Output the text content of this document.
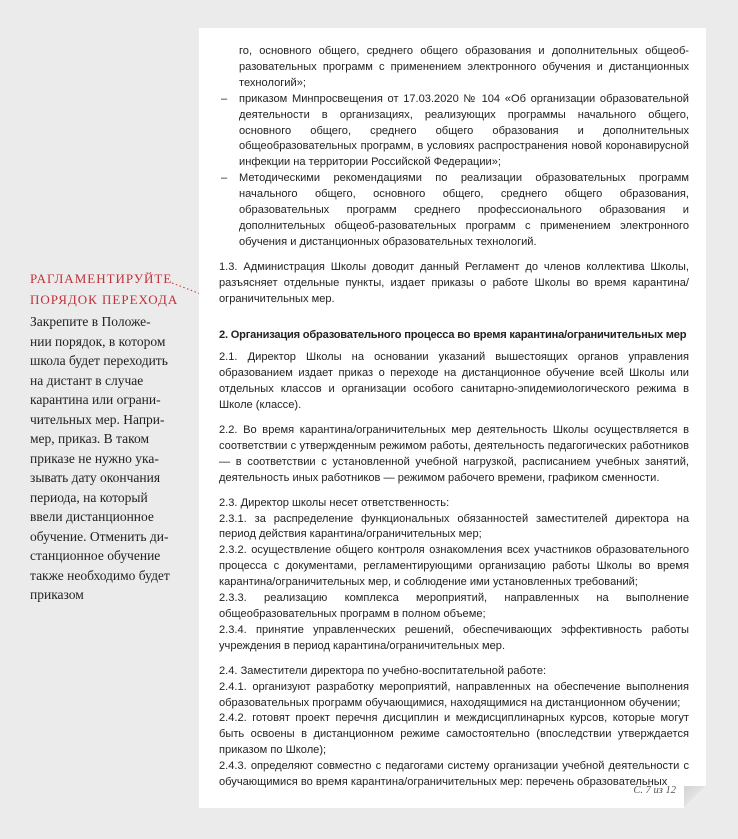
РАГЛАМЕНТИРУЙТЕ
ПОРЯДОК ПЕРЕХОДА
Закрепите в Положе-
нии порядок, в котором
школа будет переходить
на дистант в случае
карантина или ограни-
чительных мер. Напри-
мер, приказ. В таком
приказе не нужно ука-
зывать дату окончания
периода, на который
ввели дистанционное
обучение. Отменить ди-
станционное обучение
также необходимо будет
приказом

го, основного общего, среднего общего образования и дополнительных общеоб-разовательных программ с применением электронного обучения и дистанционных технологий»;

– приказом Минпросвещения от 17.03.2020 № 104 «Об организации образовательной деятельности в организациях, реализующих программы начального общего, основного общего, среднего общего образования и дополнительных общеобразовательных программ, в условиях распространения новой коронавирусной инфекции на территории Российской Федерации»;

– Методическими рекомендациями по реализации образовательных программ начального общего, основного общего, среднего общего образования, образовательных программ среднего профессионального образования и дополнительных общеоб-разовательных программ с применением электронного обучения и дистанционных образовательных технологий.

1.3. Администрация Школы доводит данный Регламент до членов коллектива Школы, разъясняет отдельные пункты, издает приказы о работе Школы во время карантина/ ограничительных мер.

2. Организация образовательного процесса во время карантина/ограничительных мер

2.1. Директор Школы на основании указаний вышестоящих органов управления образованием издает приказ о переходе на дистанционное обучение всей Школы или отдельных классов и организации особого санитарно-эпидемиологического режима в Школе (классе).

2.2. Во время карантина/ограничительных мер деятельность Школы осуществляется в соответствии с утвержденным режимом работы, деятельность педагогических работников — в соответствии с установленной учебной нагрузкой, расписанием учебных занятий, деятельность иных работников — режимом рабочего времени, графиком сменности.

2.3. Директор школы несет ответственность:

2.3.1. за распределение функциональных обязанностей заместителей директора на период действия карантина/ограничительных мер;

2.3.2. осуществление общего контроля ознакомления всех участников образовательного процесса с документами, регламентирующими организацию работы Школы во время карантина/ограничительных мер, и соблюдение ими установленных требований;

2.3.3. реализацию комплекса мероприятий, направленных на выполнение общеобразовательных программ в полном объеме;

2.3.4. принятие управленческих решений, обеспечивающих эффективность работы учреждения в период карантина/ограничительных мер.

2.4. Заместители директора по учебно-воспитательной работе:

2.4.1. организуют разработку мероприятий, направленных на обеспечение выполнения образовательных программ обучающимися, находящимися на дистанционном обучении;

2.4.2. готовят проект перечня дисциплин и междисциплинарных курсов, которые могут быть освоены в дистанционном режиме самостоятельно (впоследствии утверждается приказом по Школе);

2.4.3. определяют совместно с педагогами систему организации учебной деятельности с обучающимися во время карантина/ограничительных мер: перечень образовательных

С. 7 из 12
